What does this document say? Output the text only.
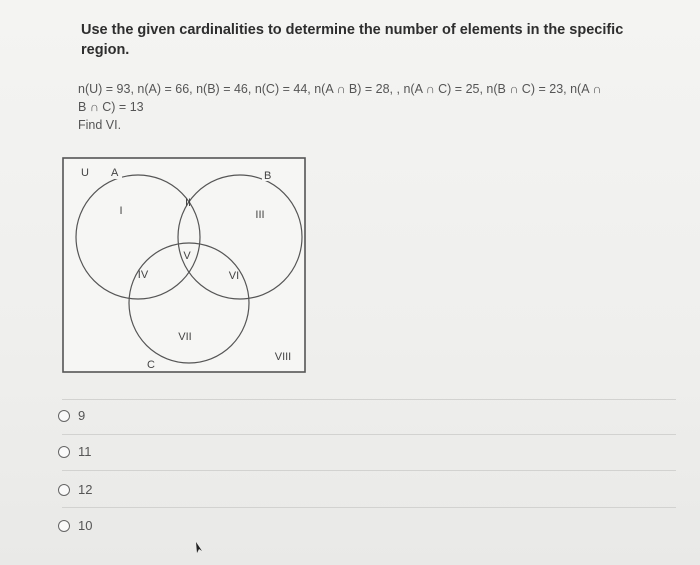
Use the given cardinalities to determine the number of elements in the specific region.
n(U) = 93, n(A) = 66, n(B) = 46, n(C) = 44, n(A ∩ B) = 28, , n(A ∩ C) = 25, n(B ∩ C) = 23, n(A ∩
B ∩ C) = 13
Find VI.
U A	B
C
I
II
III
IV
V
VI
VII
VIII
9
11
12
10
